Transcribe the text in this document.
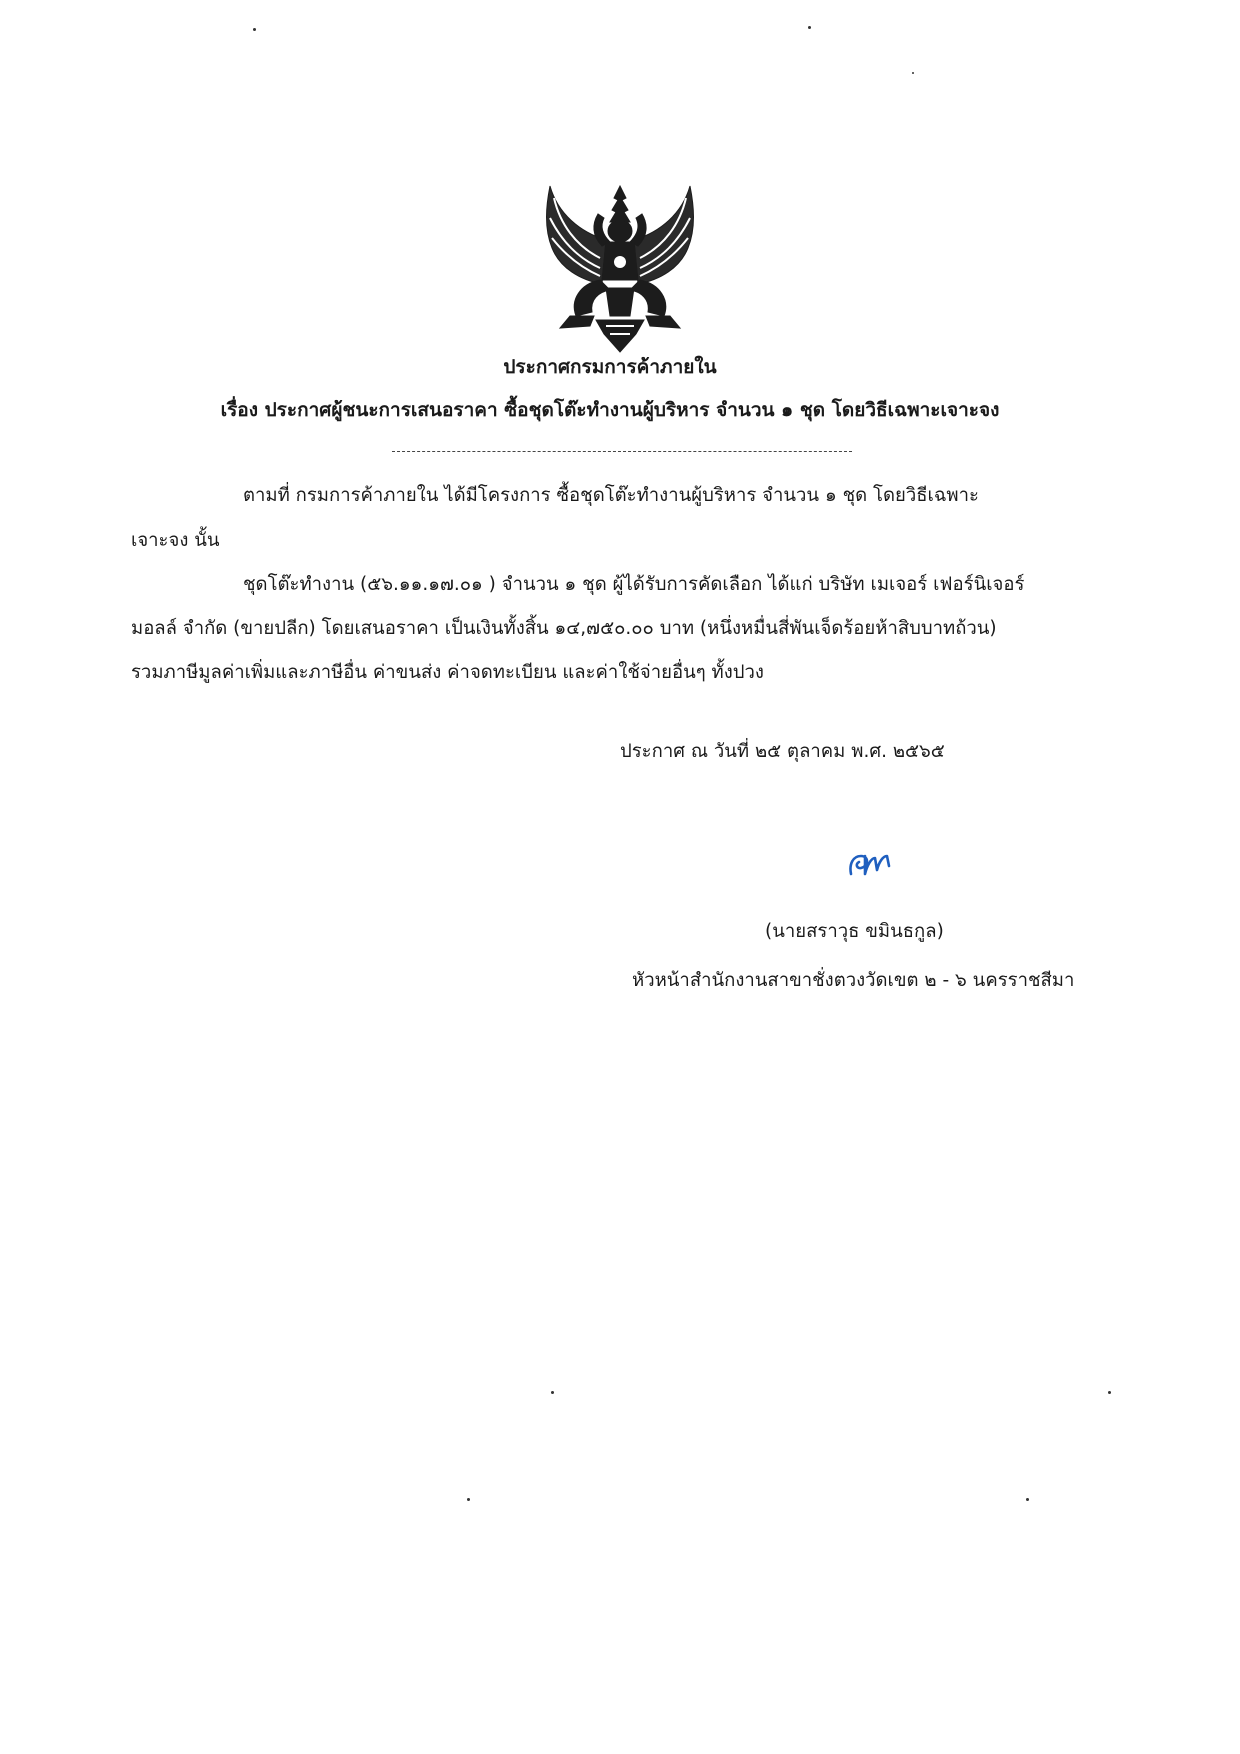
ประกาศกรมการค้าภายใน
เรื่อง ประกาศผู้ชนะการเสนอราคา ซื้อชุดโต๊ะทำงานผู้บริหาร จำนวน ๑ ชุด โดยวิธีเฉพาะเจาะจง
ตามที่ กรมการค้าภายใน ได้มีโครงการ ซื้อชุดโต๊ะทำงานผู้บริหาร จำนวน ๑ ชุด โดยวิธีเฉพาะ
เจาะจง นั้น
ชุดโต๊ะทำงาน (๕๖.๑๑.๑๗.๐๑ ) จำนวน ๑ ชุด ผู้ได้รับการคัดเลือก ได้แก่ บริษัท เมเจอร์ เฟอร์นิเจอร์
มอลล์ จำกัด (ขายปลีก) โดยเสนอราคา เป็นเงินทั้งสิ้น ๑๔,๗๕๐.๐๐ บาท (หนึ่งหมื่นสี่พันเจ็ดร้อยห้าสิบบาทถ้วน)
รวมภาษีมูลค่าเพิ่มและภาษีอื่น ค่าขนส่ง ค่าจดทะเบียน และค่าใช้จ่ายอื่นๆ ทั้งปวง
ประกาศ ณ วันที่ ๒๕ ตุลาคม พ.ศ. ๒๕๖๕
(นายสราวุธ ขมินธกูล)
หัวหน้าสำนักงานสาขาชั่งตวงวัดเขต ๒ - ๖ นครราชสีมา
